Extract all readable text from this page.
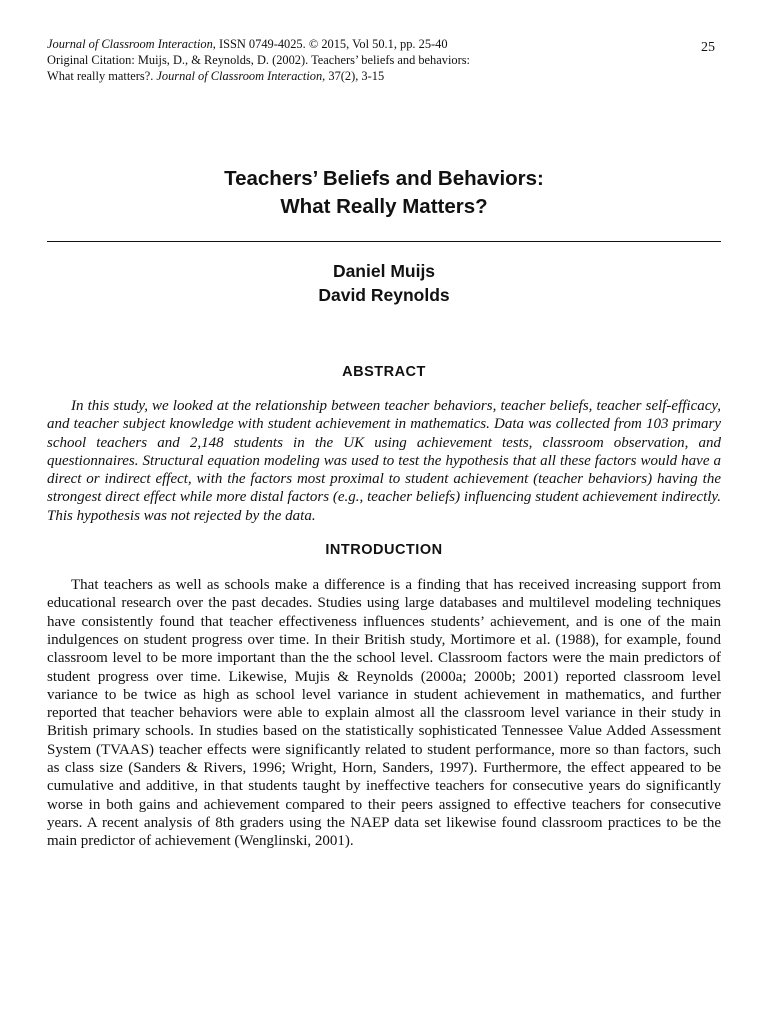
Journal of Classroom Interaction, ISSN 0749-4025. © 2015, Vol 50.1, pp. 25-40
Original Citation: Muijs, D., & Reynolds, D. (2002). Teachers’ beliefs and behaviors:
What really matters?. Journal of Classroom Interaction, 37(2), 3-15
25
Teachers’ Beliefs and Behaviors:
What Really Matters?
Daniel Muijs
David Reynolds
ABSTRACT

In this study, we looked at the relationship between teacher behaviors, teacher beliefs, teacher self-efficacy, and teacher subject knowledge with student achievement in mathematics. Data was collected from 103 primary school teachers and 2,148 students in the UK using achievement tests, classroom observation, and questionnaires. Structural equation modeling was used to test the hypothesis that all these factors would have a direct or indirect effect, with the factors most proximal to student achievement (teacher behaviors) having the strongest direct effect while more distal factors (e.g., teacher beliefs) influencing student achievement indirectly. This hypothesis was not rejected by the data.

INTRODUCTION

That teachers as well as schools make a difference is a finding that has received increasing support from educational research over the past decades. Studies using large databases and multilevel modeling techniques have consistently found that teacher effectiveness influences students’ achievement, and is one of the main indulgences on student progress over time. In their British study, Mortimore et al. (1988), for example, found classroom level to be more important than the the school level. Classroom factors were the main predictors of student progress over time. Likewise, Mujis & Reynolds (2000a; 2000b; 2001) reported classroom level variance to be twice as high as school level variance in student achievement in mathematics, and further reported that teacher behaviors were able to explain almost all the classroom level variance in their study in British primary schools. In studies based on the statistically sophisticated Tennessee Value Added Assessment System (TVAAS) teacher effects were significantly related to student performance, more so than factors, such as class size (Sanders & Rivers, 1996; Wright, Horn, Sanders, 1997). Furthermore, the effect appeared to be cumulative and additive, in that students taught by ineffective teachers for consecutive years do significantly worse in both gains and achievement compared to their peers assigned to effective teachers for consecutive years. A recent analysis of 8th graders using the NAEP data set likewise found classroom practices to be the main predictor of achievement (Wenglinski, 2001).
